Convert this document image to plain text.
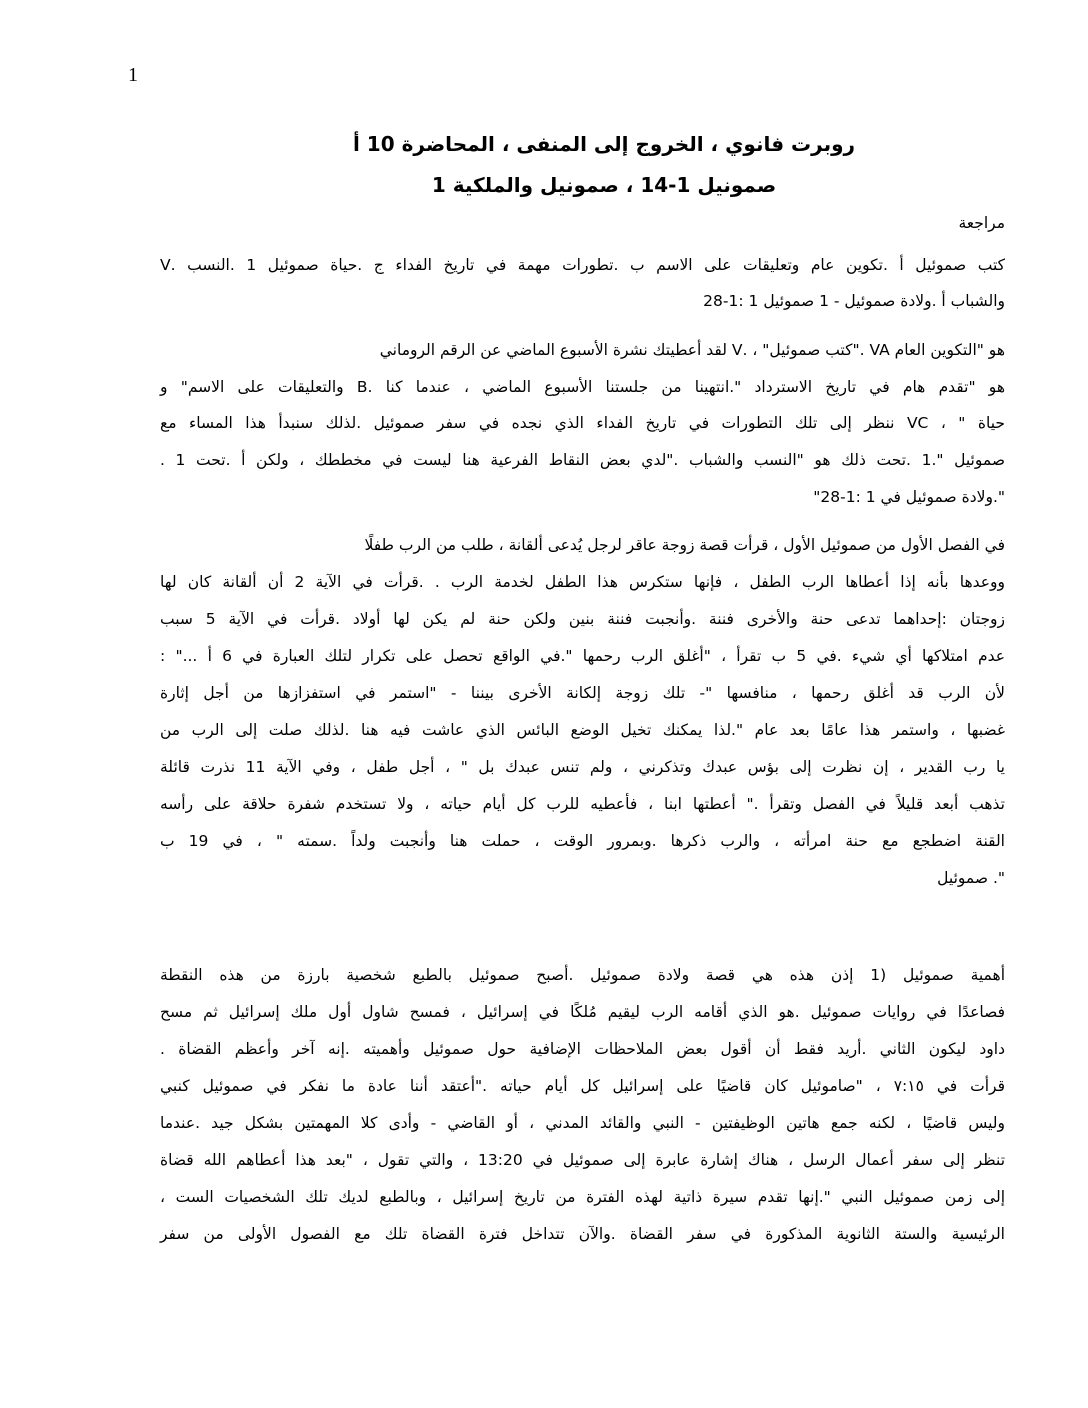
1
روبرت فانوي ، الخروج إلى المنفى ، المحاضرة 10 أ
صمونيل 1-14 ، صمونيل والملكية 1
مراجعة
كتب صموئيل أ .تكوين عام وتعليقات على الاسم ب .تطورات مهمة في تاريخ الفداء ج .حياة صموئيل 1 .النسب .V
والشباب أ .ولادة صموئيل - 1 صموئيل 1 :1-28
هو "التكوين العام VA ."كتب صموئيل" ، .V لقد أعطيتك نشرة الأسبوع الماضي عن الرقم الروماني
هو "تقدم هام في تاريخ الاسترداد ".انتهينا من جلستنا الأسبوع الماضي ، عندما كنا .B والتعليقات على الاسم" و
حياة " ، VC ننظر إلى تلك التطورات في تاريخ الفداء الذي نجده في سفر صموئيل .لذلك سنبدأ هذا المساء مع
صموئيل ".1 .تحت ذلك هو "النسب والشباب ."لدي بعض النقاط الفرعية هنا ليست في مخططك ، ولكن أ .تحت 1 .
".ولادة صموئيل في 1 :1-28"
في الفصل الأول من صموئيل الأول ، قرأت قصة زوجة عاقر لرجل يُدعى ألقانة ، طلب من الرب طفلًا
ووعدها بأنه إذا أعطاها الرب الطفل ، فإنها ستكرس هذا الطفل لخدمة الرب . .قرأت في الآية 2 أن ألقانة كان لها
زوجتان :إحداهما تدعى حنة والأخرى فننة .وأنجبت فننة بنين ولكن حنة لم يكن لها أولاد .قرأت في الآية 5 سبب
عدم امتلاكها أي شيء .في 5 ب تقرأ ، "أغلق الرب رحمها ".في الواقع تحصل على تكرار لتلك العبارة في 6 أ ..." :
لأن الرب قد أغلق رحمها ، منافسها "- تلك زوجة إلكانة الأخرى بيننا - "استمر في استفزازها من أجل إثارة
غضبها ، واستمر هذا عامًا بعد عام ".لذا يمكنك تخيل الوضع البائس الذي عاشت فيه هنا .لذلك صلت إلى الرب من
يا رب القدير ، إن نظرت إلى بؤس عبدك وتذكرني ، ولم تنس عبدك بل " ، أجل طفل ، وفي الآية 11 نذرت قائلة
تذهب أبعد قليلاً في الفصل وتقرأ ." أعطتها ابنا ، فأعطيه للرب كل أيام حياته ، ولا تستخدم شفرة حلاقة على رأسه
القنة اضطجع مع حنة امرأته ، والرب ذكرها .وبمرور الوقت ، حملت هنا وأنجبت ولداً .سمته " ، في 19 ب
". صموئيل
أهمية صموئيل (1 إذن هذه هي قصة ولادة صموئيل .أصبح صموئيل بالطبع شخصية بارزة من هذه النقطة
فصاعدًا في روايات صموئيل .هو الذي أقامه الرب ليقيم مُلكًا في إسرائيل ، فمسح شاول أول ملك إسرائيل ثم مسح
داود ليكون الثاني .أريد فقط أن أقول بعض الملاحظات الإضافية حول صموئيل وأهميته .إنه آخر وأعظم القضاة .
قرأت في ٧:١٥ ، "صاموئيل كان قاضيًا على إسرائيل كل أيام حياته ."أعتقد أننا عادة ما نفكر في صموئيل كنبي
وليس قاضيًا ، لكنه جمع هاتين الوظيفتين - النبي والقائد المدني ، أو القاضي - وأدى كلا المهمتين بشكل جيد .عندما
تنظر إلى سفر أعمال الرسل ، هناك إشارة عابرة إلى صموئيل في 13:20 ، والتي تقول ، "بعد هذا أعطاهم الله قضاة
إلى زمن صموئيل النبي ".إنها تقدم سيرة ذاتية لهذه الفترة من تاريخ إسرائيل ، وبالطبع لديك تلك الشخصيات الست ،
الرئيسية والستة الثانوية المذكورة في سفر القضاة .والآن تتداخل فترة القضاة تلك مع الفصول الأولى من سفر
